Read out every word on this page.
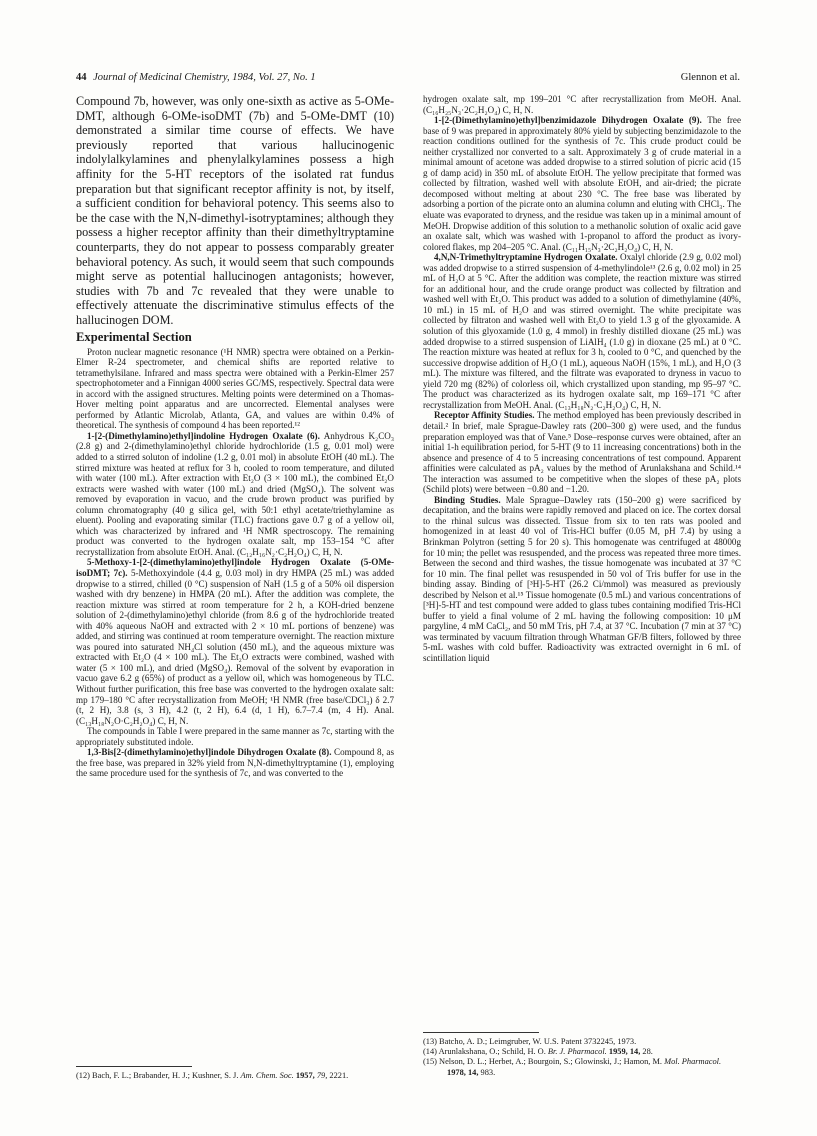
44 Journal of Medicinal Chemistry, 1984, Vol. 27, No. 1	Glennon et al.

Compound 7b, however, was only one-sixth as active as 5-OMe-DMT, although 6-OMe-isoDMT (7b) and 5-OMe-DMT (10) demonstrated a similar time course of effects. We have previously reported that various hallucinogenic indolylalkylamines and phenylalkylamines possess a high affinity for the 5-HT receptors of the isolated rat fundus preparation but that significant receptor affinity is not, by itself, a sufficient condition for behavioral potency. This seems also to be the case with the N,N-dimethyl-isotryptamines; although they possess a higher receptor affinity than their dimethyltryptamine counterparts, they do not appear to possess comparably greater behavioral potency. As such, it would seem that such compounds might serve as potential hallucinogen antagonists; however, studies with 7b and 7c revealed that they were unable to effectively attenuate the discriminative stimulus effects of the hallucinogen DOM.

Experimental Section

Proton nuclear magnetic resonance (¹H NMR) spectra were obtained on a Perkin-Elmer R-24 spectrometer, and chemical shifts are reported relative to tetramethylsilane. Infrared and mass spectra were obtained with a Perkin-Elmer 257 spectrophotometer and a Finnigan 4000 series GC/MS, respectively. Spectral data were in accord with the assigned structures. Melting points were determined on a Thomas-Hover melting point apparatus and are uncorrected. Elemental analyses were performed by Atlantic Microlab, Atlanta, GA, and values are within 0.4% of theoretical. The synthesis of compound 4 has been reported.¹²

1-[2-(Dimethylamino)ethyl]indoline Hydrogen Oxalate (6). Anhydrous K₂CO₃ (2.8 g) and 2-(dimethylamino)ethyl chloride hydrochloride (1.5 g, 0.01 mol) were added to a stirred soluton of indoline (1.2 g, 0.01 mol) in absolute EtOH (40 mL). The stirred mixture was heated at reflux for 3 h, cooled to room temperature, and diluted with water (100 mL). After extraction with Et₂O (3 × 100 mL), the combined Et₂O extracts were washed with water (100 mL) and dried (MgSO₄). The solvent was removed by evaporation in vacuo, and the crude brown product was purified by column chromatography (40 g silica gel, with 50:1 ethyl acetate/triethylamine as eluent). Pooling and evaporating similar (TLC) fractions gave 0.7 g of a yellow oil, which was characterized by infrared and ¹H NMR spectroscopy. The remaining product was converted to the hydrogen oxalate salt, mp 153–154 °C after recrystallization from absolute EtOH. Anal. (C₁₂H₁₆N₂·C₂H₂O₄) C, H, N.

5-Methoxy-1-[2-(dimethylamino)ethyl]indole Hydrogen Oxalate (5-OMe-isoDMT; 7c). 5-Methoxyindole (4.4 g, 0.03 mol) in dry HMPA (25 mL) was added dropwise to a stirred, chilled (0 °C) suspension of NaH (1.5 g of a 50% oil dispersion washed with dry benzene) in HMPA (20 mL). After the addition was complete, the reaction mixture was stirred at room temperature for 2 h, a KOH-dried benzene solution of 2-(dimethylamino)ethyl chloride (from 8.6 g of the hydrochloride treated with 40% aqueous NaOH and extracted with 2 × 10 mL portions of benzene) was added, and stirring was continued at room temperature overnight. The reaction mixture was poured into saturated NH₄Cl solution (450 mL), and the aqueous mixture was extracted with Et₂O (4 × 100 mL). The Et₂O extracts were combined, washed with water (5 × 100 mL), and dried (MgSO₄). Removal of the solvent by evaporation in vacuo gave 6.2 g (65%) of product as a yellow oil, which was homogeneous by TLC. Without further purification, this free base was converted to the hydrogen oxalate salt: mp 179–180 °C after recrystallization from MeOH; ¹H NMR (free base/CDCl₃) δ 2.7 (t, 2 H), 3.8 (s, 3 H), 4.2 (t, 2 H), 6.4 (d, 1 H), 6.7–7.4 (m, 4 H). Anal. (C₁₃H₁₈N₂O·C₂H₂O₄) C, H, N.

The compounds in Table I were prepared in the same manner as 7c, starting with the appropriately substituted indole.

1,3-Bis[2-(dimethylamino)ethyl]indole Dihydrogen Oxalate (8). Compound 8, as the free base, was prepared in 32% yield from N,N-dimethyltryptamine (1), employing the same procedure used for the synthesis of 7c, and was converted to the

hydrogen oxalate salt, mp 199–201 °C after recrystallization from MeOH. Anal. (C₁₆H₂₅N₃·2C₂H₂O₄) C, H, N.

1-[2-(Dimethylamino)ethyl]benzimidazole Dihydrogen Oxalate (9). The free base of 9 was prepared in approximately 80% yield by subjecting benzimidazole to the reaction conditions outlined for the synthesis of 7c. This crude product could be neither crystallized nor converted to a salt. Approximately 3 g of crude material in a minimal amount of acetone was added dropwise to a stirred solution of picric acid (15 g of damp acid) in 350 mL of absolute EtOH. The yellow precipitate that formed was collected by filtration, washed well with absolute EtOH, and air-dried; the picrate decomposed without melting at about 230 °C. The free base was liberated by adsorbing a portion of the picrate onto an alumina column and eluting with CHCl₃. The eluate was evaporated to dryness, and the residue was taken up in a minimal amount of MeOH. Dropwise addition of this solution to a methanolic solution of oxalic acid gave an oxalate salt, which was washed with 1-propanol to afford the product as ivory-colored flakes, mp 204–205 °C. Anal. (C₁₁H₁₅N₃·2C₂H₂O₄) C, H, N.

4,N,N-Trimethyltryptamine Hydrogen Oxalate. Oxalyl chloride (2.9 g, 0.02 mol) was added dropwise to a stirred suspension of 4-methylindole¹³ (2.6 g, 0.02 mol) in 25 mL of H₂O at 5 °C. After the addition was complete, the reaction mixture was stirred for an additional hour, and the crude orange product was collected by filtration and washed well with Et₂O. This product was added to a solution of dimethylamine (40%, 10 mL) in 15 mL of H₂O and was stirred overnight. The white precipitate was collected by filtraton and washed well with Et₂O to yield 1.3 g of the glyoxamide. A solution of this glyoxamide (1.0 g, 4 mmol) in freshly distilled dioxane (25 mL) was added dropwise to a stirred suspension of LiAlH₄ (1.0 g) in dioxane (25 mL) at 0 °C. The reaction mixture was heated at reflux for 3 h, cooled to 0 °C, and quenched by the successive dropwise addition of H₂O (1 mL), aqueous NaOH (15%, 1 mL), and H₂O (3 mL). The mixture was filtered, and the filtrate was evaporated to dryness in vacuo to yield 720 mg (82%) of colorless oil, which crystallized upon standing, mp 95–97 °C. The product was characterized as its hydrogen oxalate salt, mp 169–171 °C after recrystallization from MeOH. Anal. (C₁₃H₁₈N₂·C₂H₂O₄) C, H, N.

Receptor Affinity Studies. The method employed has been previously described in detail.² In brief, male Sprague-Dawley rats (200–300 g) were used, and the fundus preparation employed was that of Vane.⁵ Dose–response curves were obtained, after an initial 1-h equilibration period, for 5-HT (9 to 11 increasing concentrations) both in the absence and presence of 4 to 5 increasing concentrations of test compound. Apparent affinities were calculated as pA₂ values by the method of Arunlakshana and Schild.¹⁴ The interaction was assumed to be competitive when the slopes of these pA₂ plots (Schild plots) were between −0.80 and −1.20.

Binding Studies. Male Sprague–Dawley rats (150–200 g) were sacrificed by decapitation, and the brains were rapidly removed and placed on ice. The cortex dorsal to the rhinal sulcus was dissected. Tissue from six to ten rats was pooled and homogenized in at least 40 vol of Tris-HCl buffer (0.05 M, pH 7.4) by using a Brinkman Polytron (setting 5 for 20 s). This homogenate was centrifuged at 48000g for 10 min; the pellet was resuspended, and the process was repeated three more times. Between the second and third washes, the tissue homogenate was incubated at 37 °C for 10 min. The final pellet was resuspended in 50 vol of Tris buffer for use in the binding assay. Binding of [³H]-5-HT (26.2 Ci/mmol) was measured as previously described by Nelson et al.¹⁵ Tissue homogenate (0.5 mL) and various concentrations of [³H]-5-HT and test compound were added to glass tubes containing modified Tris-HCl buffer to yield a final volume of 2 mL having the following composition: 10 μM pargyline, 4 mM CaCl₂, and 50 mM Tris, pH 7.4, at 37 °C. Incubation (7 min at 37 °C) was terminated by vacuum filtration through Whatman GF/B filters, followed by three 5-mL washes with cold buffer. Radioactivity was extracted overnight in 6 mL of scintillation liquid

(12) Bach, F. L.; Brabander, H. J.; Kushner, S. J. Am. Chem. Soc. 1957, 79, 2221.

(13) Batcho, A. D.; Leimgruber, W. U.S. Patent 3732245, 1973.

(14) Arunlakshana, O.; Schild, H. O. Br. J. Pharmacol. 1959, 14, 28.

(15) Nelson, D. L.; Herbet, A.; Bourgoin, S.; Glowinski, J.; Hamon, M. Mol. Pharmacol. 1978, 14, 983.
